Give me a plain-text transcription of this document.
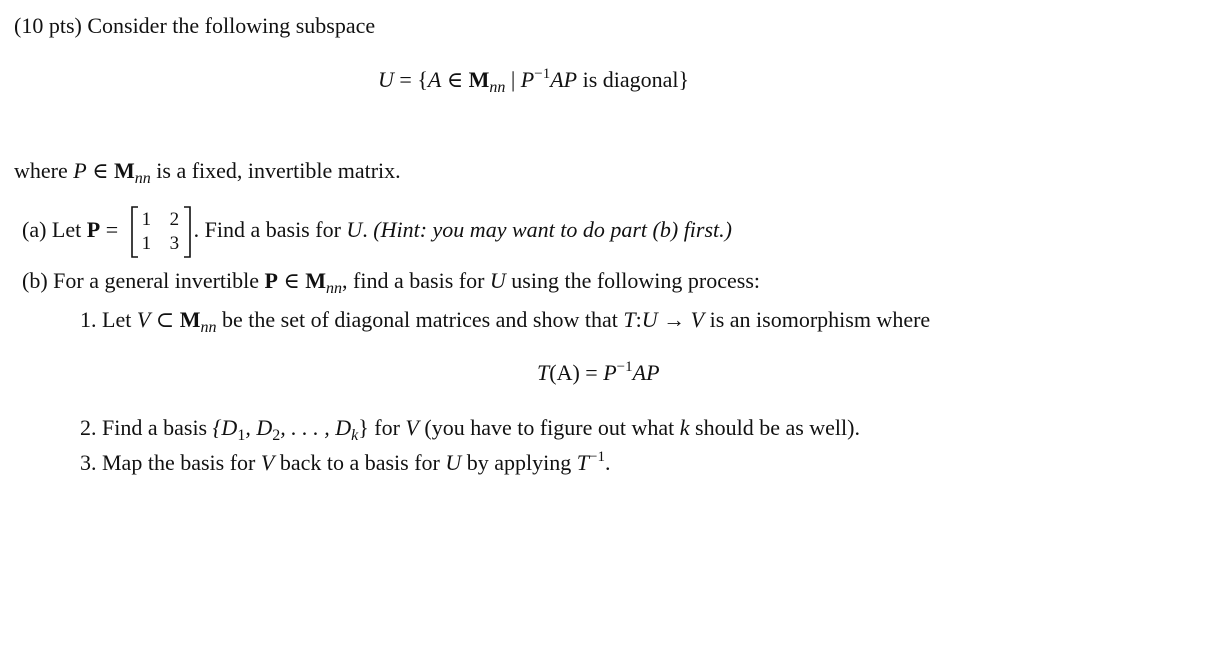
(10 pts) Consider the following subspace
U = {A ∈ $M_{nn}$ | $P^{-1}AP$ is diagonal}
where P ∈ $M_{nn}$ is a fixed, invertible matrix.
(a) Let P = 1 2
1 3
. Find a basis for U. (Hint: you may want to do part (b) first.)
(b) For a general invertible P ∈ $M_{nn}$, find a basis for U using the following process:
1. Let V ⊂ $M_{nn}$ be the set of diagonal matrices and show that T:U → V is an isomorphism where
$T(A) = P^{-1}AP$
2. Find a basis {$D_1$, $D_2$, . . . , $D_k$} for V (you have to figure out what k should be as well).
3. Map the basis for V back to a basis for U by applying $T^{-1}$.
